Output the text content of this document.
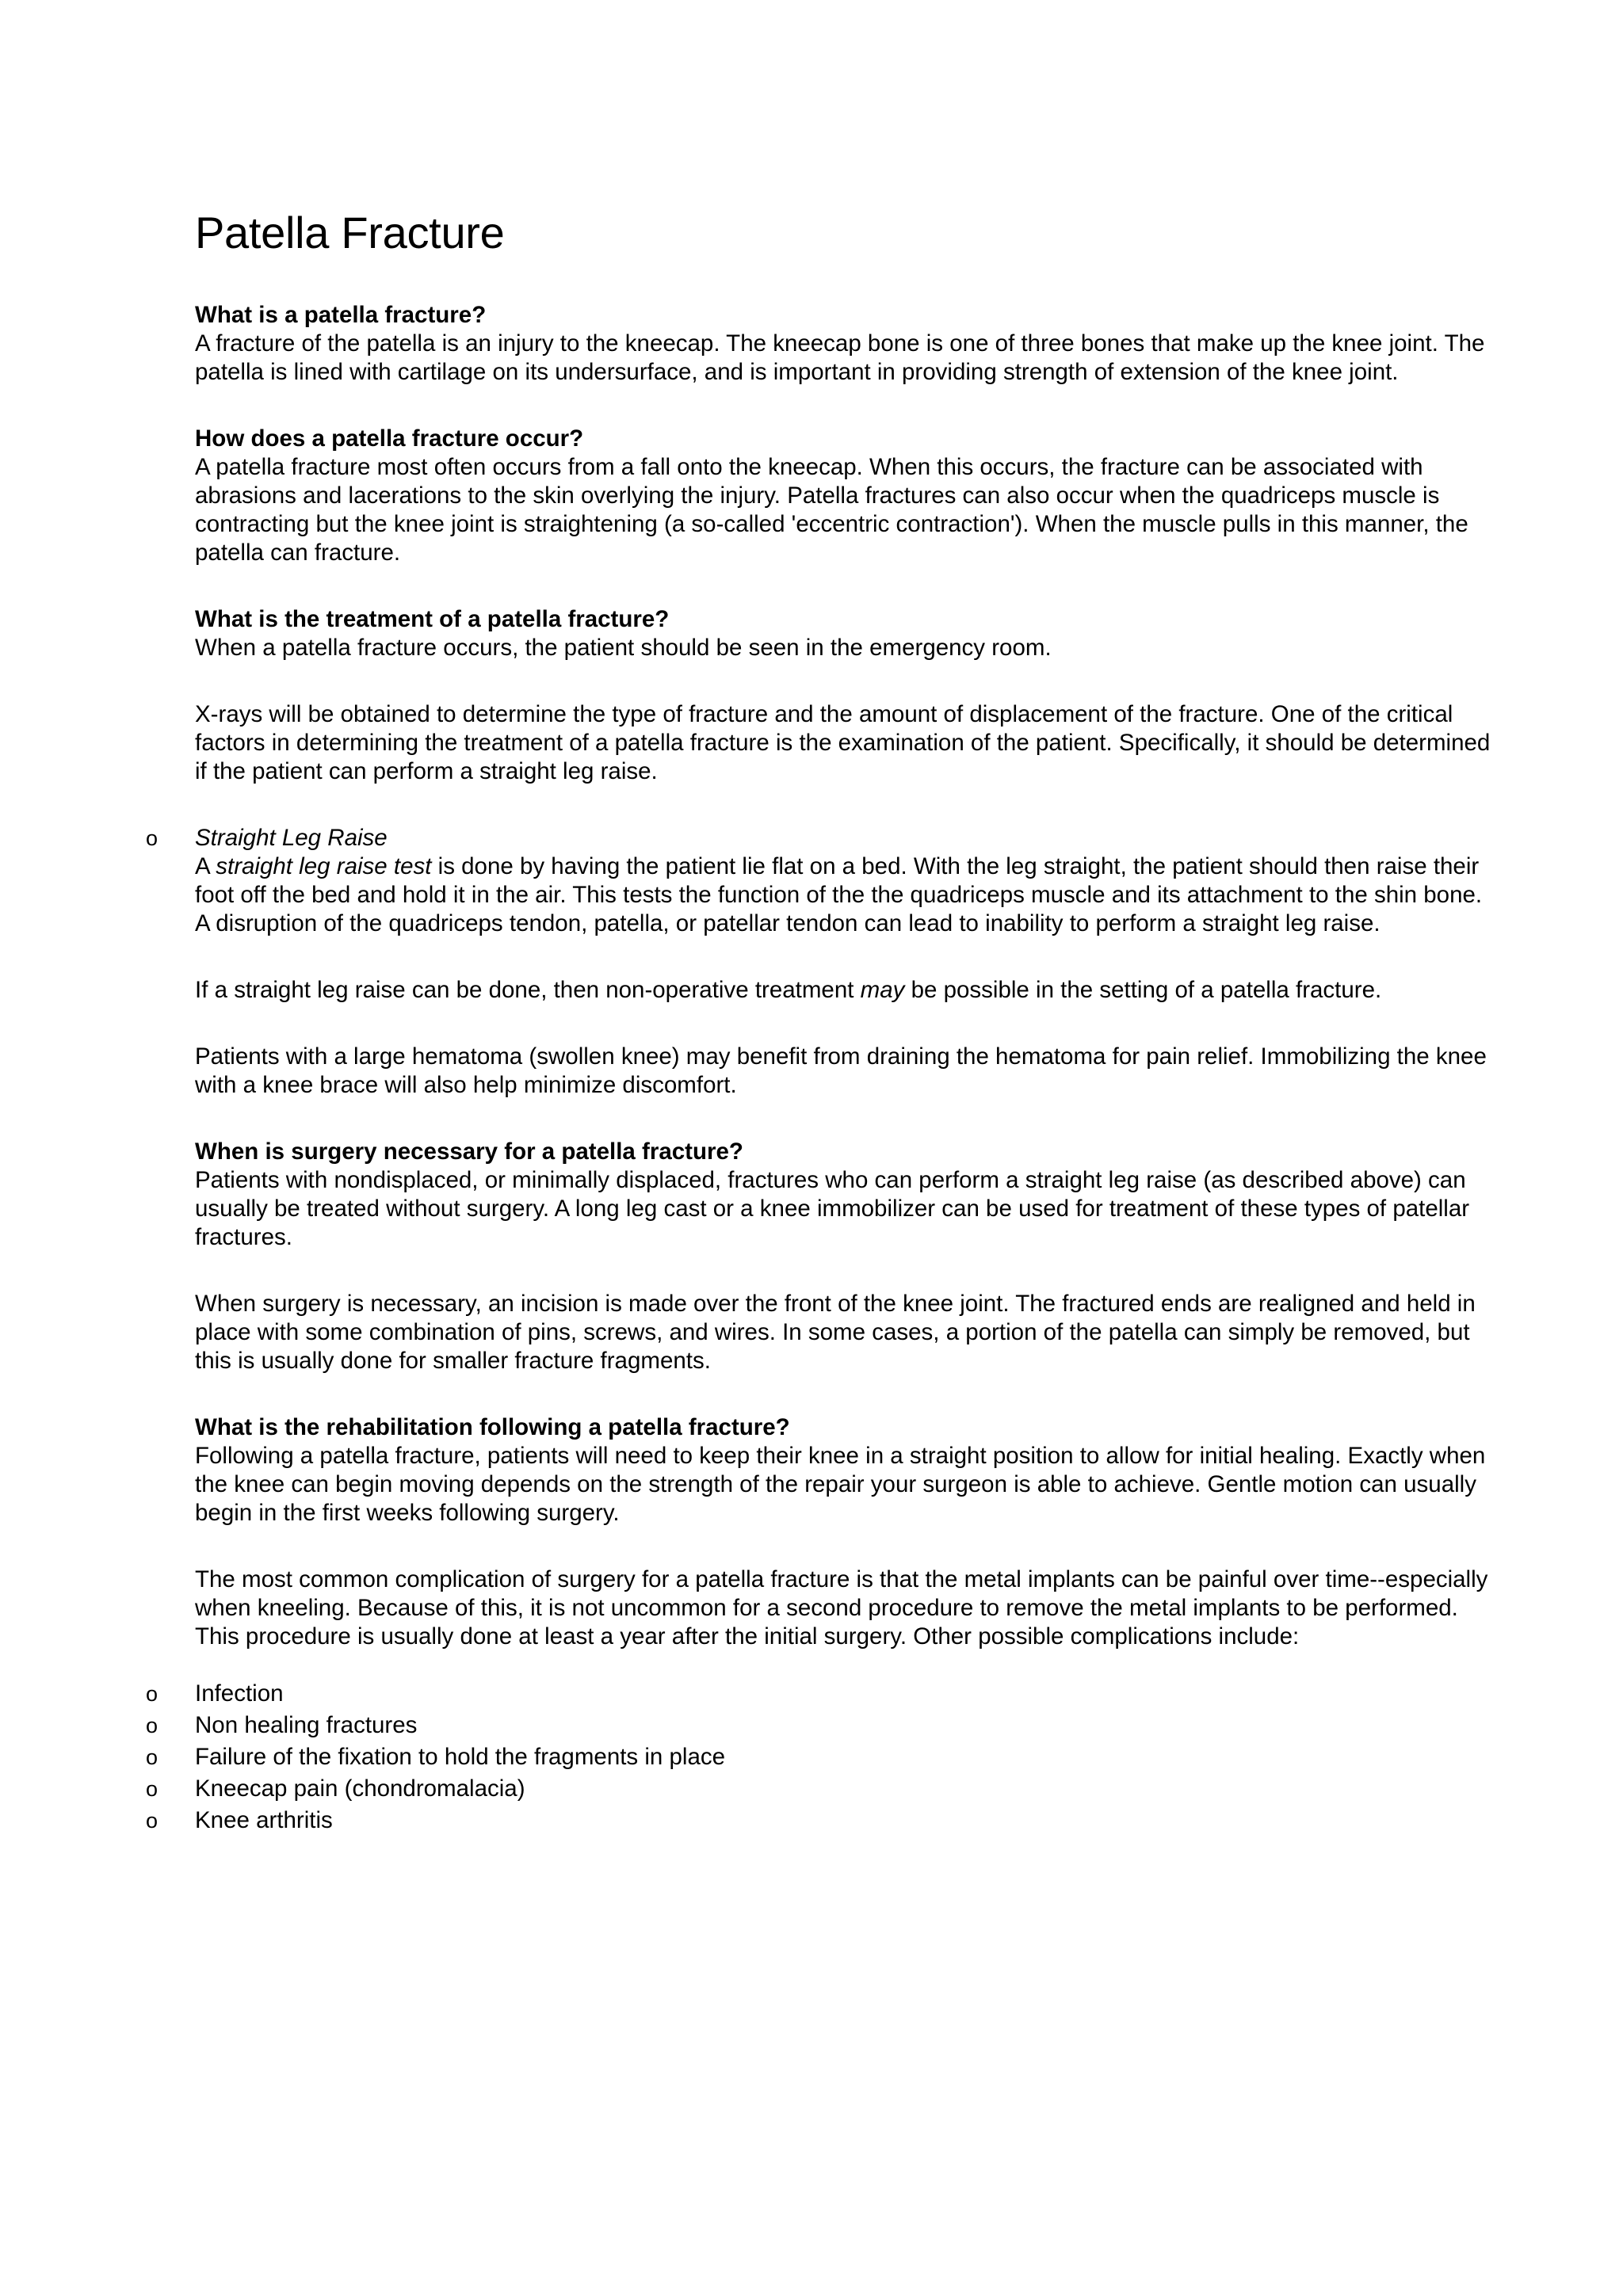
Patella Fracture
What is a patella fracture?
A fracture of the patella is an injury to the kneecap. The kneecap bone is one of three bones that make up the knee joint. The patella is lined with cartilage on its undersurface, and is important in providing strength of extension of the knee joint.
How does a patella fracture occur?
A patella fracture most often occurs from a fall onto the kneecap. When this occurs, the fracture can be associated with abrasions and lacerations to the skin overlying the injury. Patella fractures can also occur when the quadriceps muscle is contracting but the knee joint is straightening (a so-called 'eccentric contraction'). When the muscle pulls in this manner, the patella can fracture.
What is the treatment of a patella fracture?
When a patella fracture occurs, the patient should be seen in the emergency room.
X-rays will be obtained to determine the type of fracture and the amount of displacement of the fracture. One of the critical factors in determining the treatment of a patella fracture is the examination of the patient. Specifically, it should be determined if the patient can perform a straight leg raise.
o Straight Leg Raise
A straight leg raise test is done by having the patient lie flat on a bed. With the leg straight, the patient should then raise their foot off the bed and hold it in the air. This tests the function of the the quadriceps muscle and its attachment to the shin bone. A disruption of the quadriceps tendon, patella, or patellar tendon can lead to inability to perform a straight leg raise.
If a straight leg raise can be done, then non-operative treatment may be possible in the setting of a patella fracture.
Patients with a large hematoma (swollen knee) may benefit from draining the hematoma for pain relief. Immobilizing the knee with a knee brace will also help minimize discomfort.
When is surgery necessary for a patella fracture?
Patients with nondisplaced, or minimally displaced, fractures who can perform a straight leg raise (as described above) can usually be treated without surgery. A long leg cast or a knee immobilizer can be used for treatment of these types of patellar fractures.
When surgery is necessary, an incision is made over the front of the knee joint. The fractured ends are realigned and held in place with some combination of pins, screws, and wires. In some cases, a portion of the patella can simply be removed, but this is usually done for smaller fracture fragments.
What is the rehabilitation following a patella fracture?
Following a patella fracture, patients will need to keep their knee in a straight position to allow for initial healing. Exactly when the knee can begin moving depends on the strength of the repair your surgeon is able to achieve. Gentle motion can usually begin in the first weeks following surgery.
The most common complication of surgery for a patella fracture is that the metal implants can be painful over time--especially when kneeling. Because of this, it is not uncommon for a second procedure to remove the metal implants to be performed. This procedure is usually done at least a year after the initial surgery. Other possible complications include:
o Infection
o Non healing fractures
o Failure of the fixation to hold the fragments in place
o Kneecap pain (chondromalacia)
o Knee arthritis
